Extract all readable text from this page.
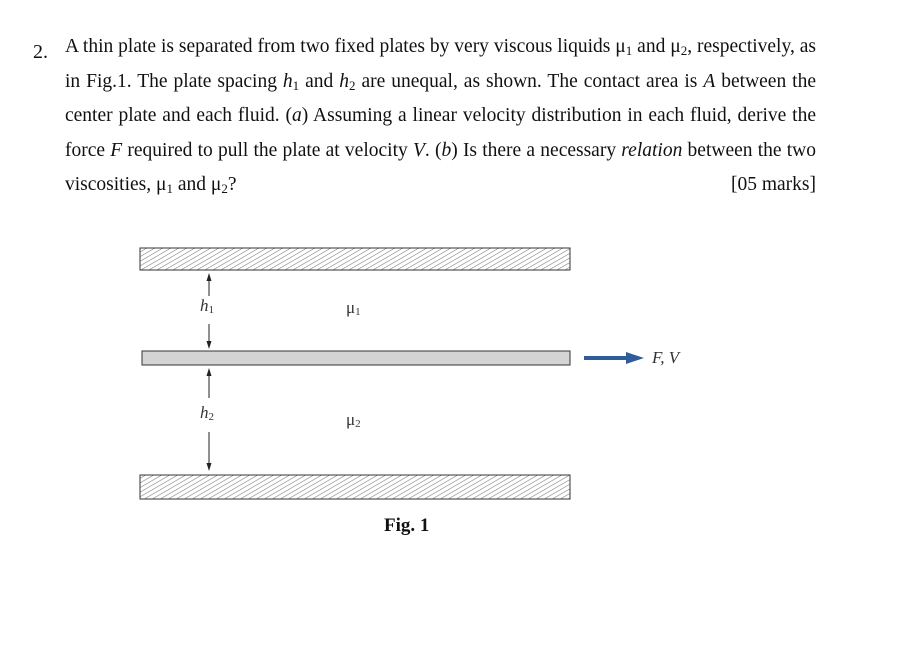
2. A thin plate is separated from two fixed plates by very viscous liquids $\mu_1$ and $\mu_2$, respectively, as in Fig.1. The plate spacing $h_1$ and $h_2$ are unequal, as shown. The contact area is A between the center plate and each fluid. (a) Assuming a linear velocity distribution in each fluid, derive the force F required to pull the plate at velocity V. (b) Is there a necessary relation between the two viscosities, $\mu_1$ and $\mu_2$?	[05 marks]
$h_1$
$h_2$
$\mu_1$
$\mu_2$
F, V
Fig. 1
